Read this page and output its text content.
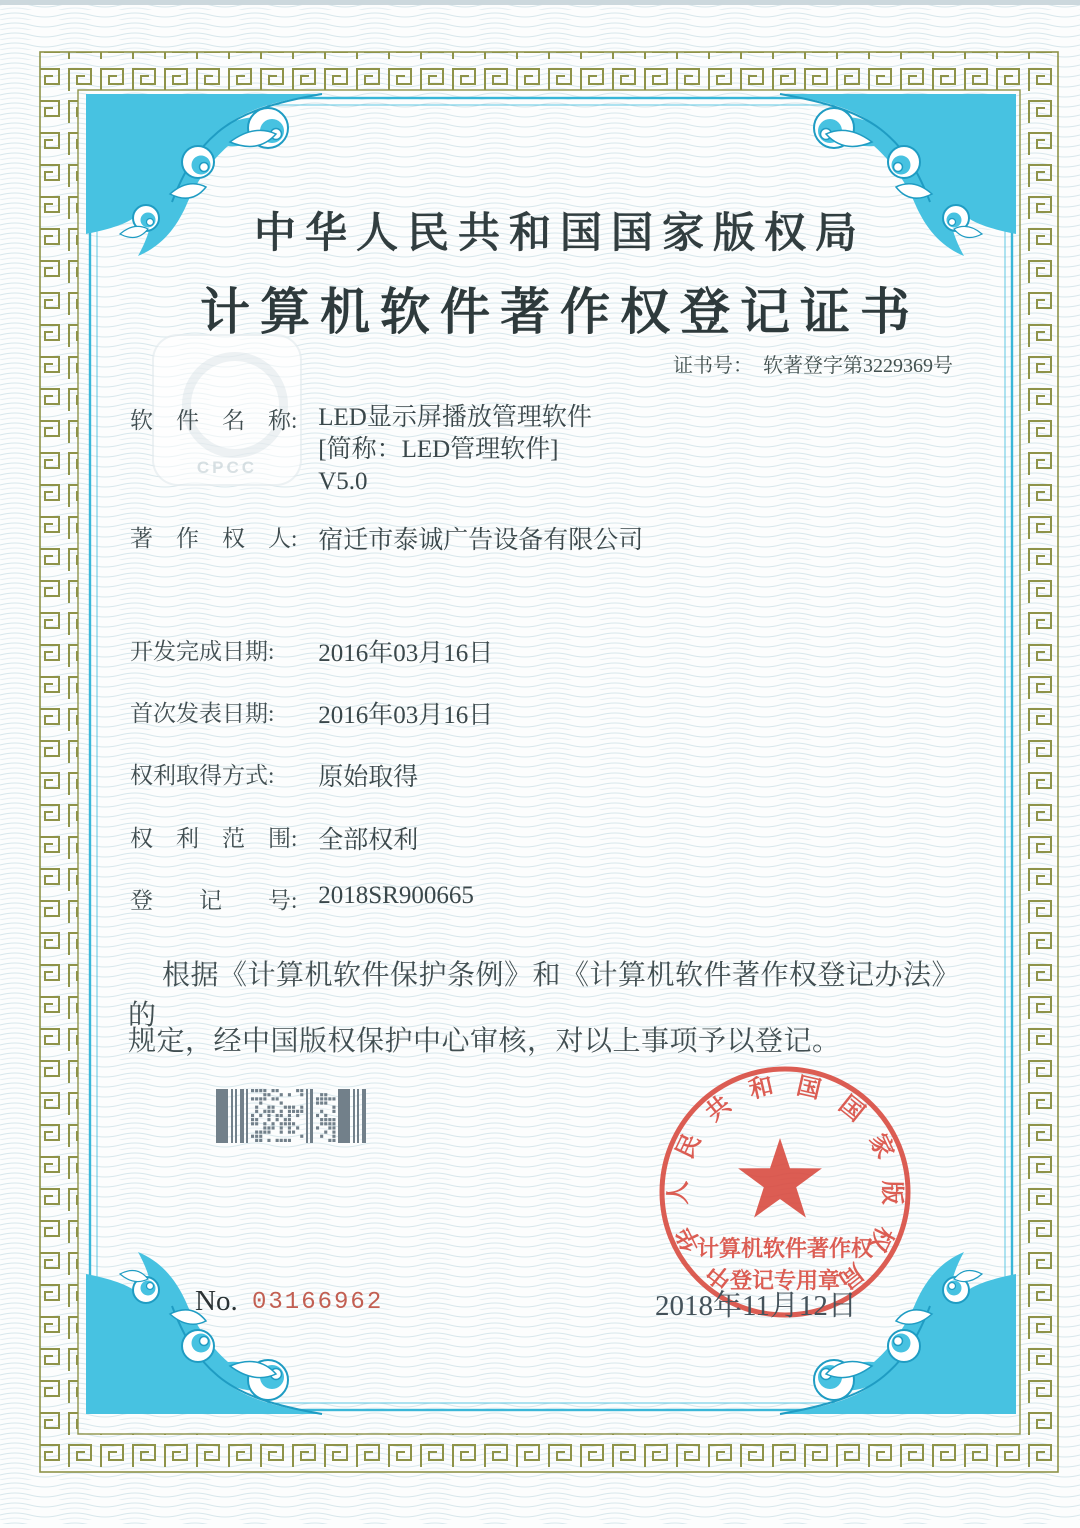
CPCC
中华人民共和国国家版权局
计算机软件著作权登记证书
证书号： 软著登字第3229369号
软　件　名　称: LED显示屏播放管理软件
[简称：LED管理软件]
V5.0
著　作　权　人: 宿迁市泰诚广告设备有限公司
开发完成日期: 2016年03月16日
首次发表日期: 2016年03月16日
权利取得方式: 原始取得
权　利　范　围: 全部权利
登　　记　　号: 2018SR900665
根据《计算机软件保护条例》和《计算机软件著作权登记办法》的
规定，经中国版权保护中心审核，对以上事项予以登记。
中
华
人
民
共
和 国
国
家
版
权
局
计算机软件著作权
登记专用章
No. 03166962	2018年11月12日
